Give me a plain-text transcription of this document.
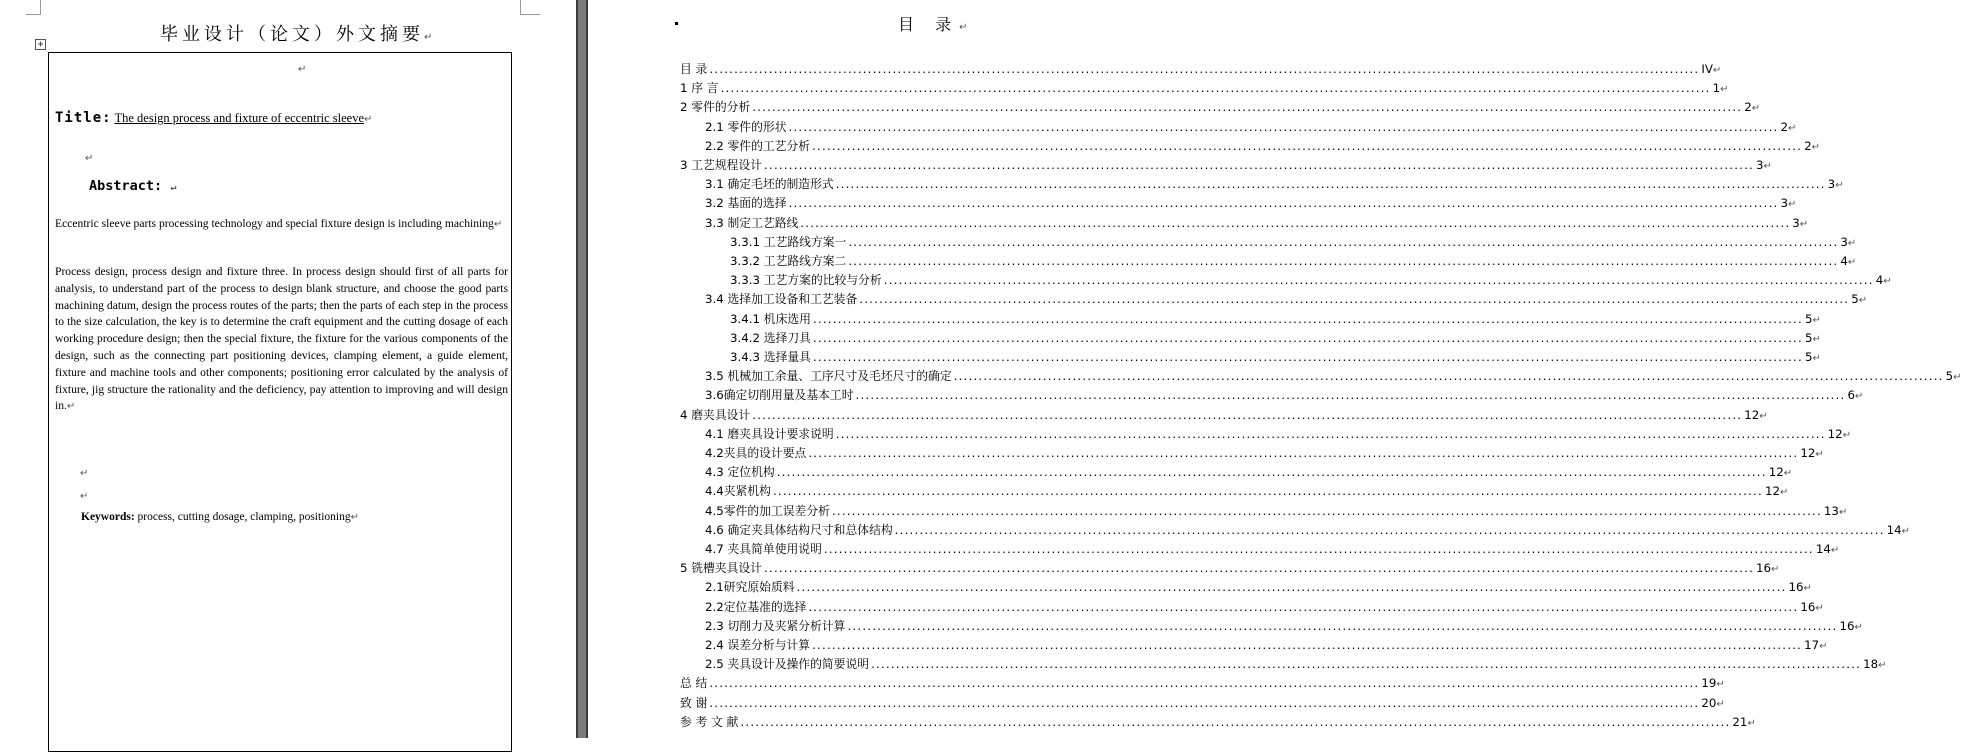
毕业设计（论文）外文摘要↵
+
↵
Title: The design process and fixture of eccentric sleeve↵
↵
Abstract: ↵
Eccentric sleeve parts processing technology and special fixture design is including machining↵
Process design, process design and fixture three. In process design should first of all parts for analysis, to understand part of the process to design blank structure, and choose the good parts machining datum, design the process routes of the parts; then the parts of each step in the process to the size calculation, the key is to determine the craft equipment and the cutting dosage of each working procedure design; then the special fixture, the fixture for the various components of the design, such as the connecting part positioning devices, clamping element, a guide element, fixture and machine tools and other components; positioning error calculated by the analysis of fixture, jig structure the rationality and the deficiency, pay attention to improving and will design in.↵
↵
↵
Keywords: process, cutting dosage, clamping, positioning↵
目 录↵
目 录 ........................................................................................................................................................................................................ IV ↵
1 序 言 ........................................................................................................................................................................................................ 1 ↵
2 零件的分析 ........................................................................................................................................................................................................ 2 ↵
2.1 零件的形状 ........................................................................................................................................................................................................ 2 ↵
2.2 零件的工艺分析 ........................................................................................................................................................................................................ 2 ↵
3 工艺规程设计 ........................................................................................................................................................................................................ 3 ↵
3.1 确定毛坯的制造形式 ........................................................................................................................................................................................................ 3 ↵
3.2 基面的选择 ........................................................................................................................................................................................................ 3 ↵
3.3 制定工艺路线 ........................................................................................................................................................................................................ 3 ↵
3.3.1 工艺路线方案一 ........................................................................................................................................................................................................ 3 ↵
3.3.2 工艺路线方案二 ........................................................................................................................................................................................................ 4 ↵
3.3.3 工艺方案的比较与分析 ........................................................................................................................................................................................................ 4 ↵
3.4 选择加工设备和工艺装备 ........................................................................................................................................................................................................ 5 ↵
3.4.1 机床选用 ........................................................................................................................................................................................................ 5 ↵
3.4.2 选择刀具 ........................................................................................................................................................................................................ 5 ↵
3.4.3 选择量具 ........................................................................................................................................................................................................ 5 ↵
3.5 机械加工余量、工序尺寸及毛坯尺寸的确定 ........................................................................................................................................................................................................ 5 ↵
3.6确定切削用量及基本工时 ........................................................................................................................................................................................................ 6 ↵
4 磨夹具设计 ........................................................................................................................................................................................................ 12 ↵
4.1 磨夹具设计要求说明 ........................................................................................................................................................................................................ 12 ↵
4.2夹具的设计要点 ........................................................................................................................................................................................................ 12 ↵
4.3 定位机构 ........................................................................................................................................................................................................ 12 ↵
4.4夹紧机构 ........................................................................................................................................................................................................ 12 ↵
4.5零件的加工误差分析 ........................................................................................................................................................................................................ 13 ↵
4.6 确定夹具体结构尺寸和总体结构 ........................................................................................................................................................................................................ 14 ↵
4.7 夹具简单使用说明 ........................................................................................................................................................................................................ 14 ↵
5 铣槽夹具设计 ........................................................................................................................................................................................................ 16 ↵
2.1研究原始质料 ........................................................................................................................................................................................................ 16 ↵
2.2定位基准的选择 ........................................................................................................................................................................................................ 16 ↵
2.3 切削力及夹紧分析计算 ........................................................................................................................................................................................................ 16 ↵
2.4 误差分析与计算 ........................................................................................................................................................................................................ 17 ↵
2.5 夹具设计及操作的简要说明 ........................................................................................................................................................................................................ 18 ↵
总 结 ........................................................................................................................................................................................................ 19 ↵
致 谢 ........................................................................................................................................................................................................ 20 ↵
参 考 文 献 ........................................................................................................................................................................................................ 21 ↵
